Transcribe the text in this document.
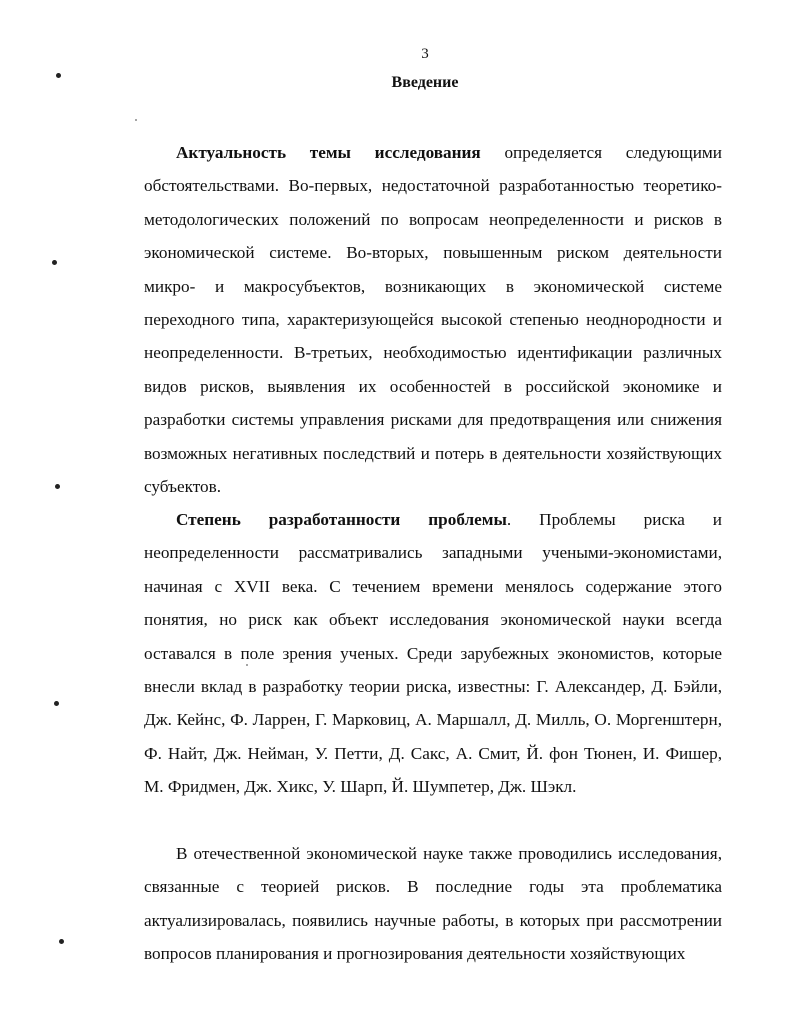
3
Введение

Актуальность темы исследования определяется следующими обстоятельствами. Во-первых, недостаточной разработанностью теоретико-методологических положений по вопросам неопределенности и рисков в экономической системе. Во-вторых, повышенным риском деятельности микро- и макросубъектов, возникающих в экономической системе переходного типа, характеризующейся высокой степенью неоднородности и неопределенности. В-третьих, необходимостью идентификации различных видов рисков, выявления их особенностей в российской экономике и разработки системы управления рисками для предотвращения или снижения возможных негативных последствий и потерь в деятельности хозяйствующих субъектов.

Степень разработанности проблемы. Проблемы риска и неопределенности рассматривались западными учеными-экономистами, начиная с XVII века. С течением времени менялось содержание этого понятия, но риск как объект исследования экономической науки всегда оставался в поле зрения ученых. Среди зарубежных экономистов, которые внесли вклад в разработку теории риска, известны: Г. Александер, Д. Бэйли, Дж. Кейнс, Ф. Ларрен, Г. Марковиц, А. Маршалл, Д. Милль, О. Моргенштерн, Ф. Найт, Дж. Нейман, У. Петти, Д. Сакс, А. Смит, Й. фон Тюнен, И. Фишер, М. Фридмен, Дж. Хикс, У. Шарп, Й. Шумпетер, Дж. Шэкл.

В отечественной экономической науке также проводились исследования, связанные с теорией рисков. В последние годы эта проблематика актуализировалась, появились научные работы, в которых при рассмотрении вопросов планирования и прогнозирования деятельности хозяйствующих
